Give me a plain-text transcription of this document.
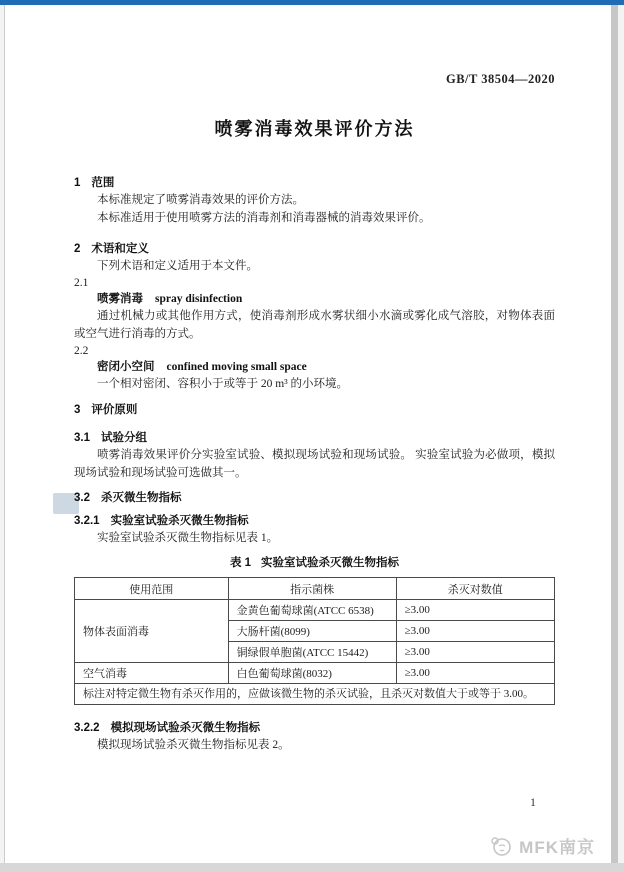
GB/T 38504—2020
喷雾消毒效果评价方法
1 范围

本标准规定了喷雾消毒效果的评价方法。

本标准适用于使用喷雾方法的消毒剂和消毒器械的消毒效果评价。

2 术语和定义

下列术语和定义适用于本文件。

2.1
喷雾消毒 spray disinfection

通过机械力或其他作用方式，使消毒剂形成水雾状细小水滴或雾化成气溶胶，对物体表面或空气进行消毒的方式。

2.2
密闭小空间 confined moving small space

一个相对密闭、容积小于或等于 20 m³ 的小环境。

3 评价原则
3.1 试验分组

喷雾消毒效果评价分实验室试验、模拟现场试验和现场试验。 实验室试验为必做项，模拟现场试验和现场试验可选做其一。

3.2 杀灭微生物指标
3.2.1 实验室试验杀灭微生物指标

实验室试验杀灭微生物指标见表 1。

表 1 实验室试验杀灭微生物指标
使用范围	指示菌株	杀灭对数值
物体表面消毒	金黄色葡萄球菌(ATCC 6538)	≥3.00
	大肠杆菌(8099)	≥3.00
	铜绿假单胞菌(ATCC 15442)	≥3.00
空气消毒	白色葡萄球菌(8032)	≥3.00
标注对特定微生物有杀灭作用的，应做该微生物的杀灭试验，且杀灭对数值大于或等于 3.00。		
3.2.2 模拟现场试验杀灭微生物指标

模拟现场试验杀灭微生物指标见表 2。

1
MFK南京
